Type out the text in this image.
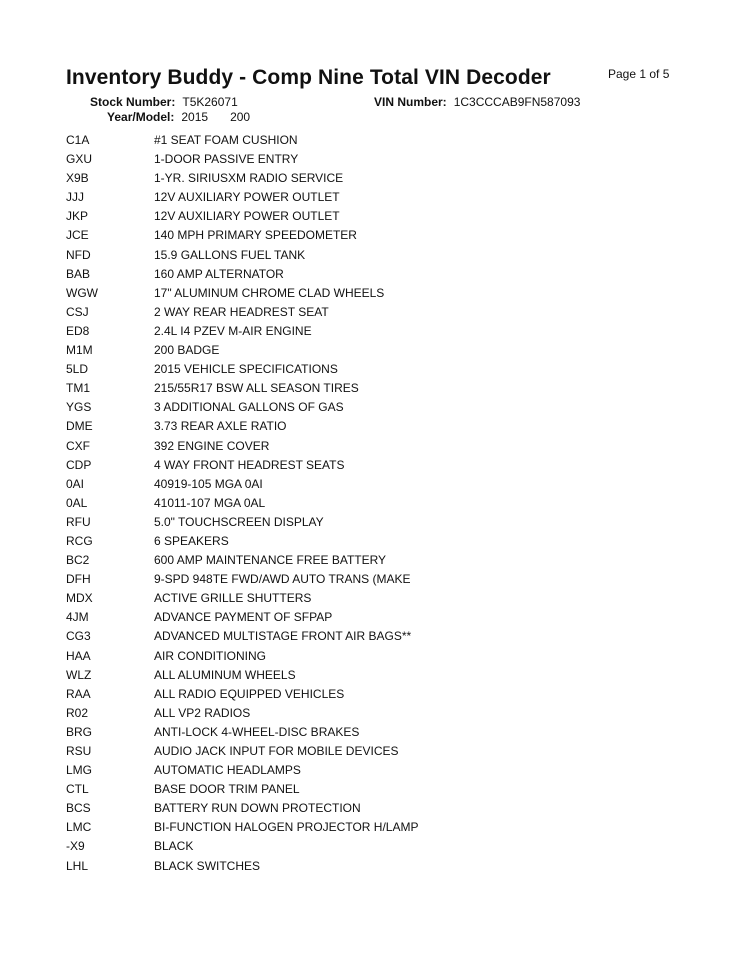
Inventory Buddy - Comp Nine Total VIN Decoder	Page 1 of 5
Stock Number: T5K26071	VIN Number: 1C3CCCAB9FN587093
Year/Model: 2015 200
C1A	#1 SEAT FOAM CUSHION
GXU	1-DOOR PASSIVE ENTRY
X9B	1-YR. SIRIUSXM RADIO SERVICE
JJJ	12V AUXILIARY POWER OUTLET
JKP	12V AUXILIARY POWER OUTLET
JCE	140 MPH PRIMARY SPEEDOMETER
NFD	15.9 GALLONS FUEL TANK
BAB	160 AMP ALTERNATOR
WGW	17" ALUMINUM CHROME CLAD WHEELS
CSJ	2 WAY REAR HEADREST SEAT
ED8	2.4L I4 PZEV M-AIR ENGINE
M1M	200 BADGE
5LD	2015 VEHICLE SPECIFICATIONS
TM1	215/55R17 BSW ALL SEASON TIRES
YGS	3 ADDITIONAL GALLONS OF GAS
DME	3.73 REAR AXLE RATIO
CXF	392 ENGINE COVER
CDP	4 WAY FRONT HEADREST SEATS
0AI	40919-105 MGA 0AI
0AL	41011-107 MGA 0AL
RFU	5.0" TOUCHSCREEN DISPLAY
RCG	6 SPEAKERS
BC2	600 AMP MAINTENANCE FREE BATTERY
DFH	9-SPD 948TE FWD/AWD AUTO TRANS (MAKE
MDX	ACTIVE GRILLE SHUTTERS
4JM	ADVANCE PAYMENT OF SFPAP
CG3	ADVANCED MULTISTAGE FRONT AIR BAGS**
HAA	AIR CONDITIONING
WLZ	ALL ALUMINUM WHEELS
RAA	ALL RADIO EQUIPPED VEHICLES
R02	ALL VP2 RADIOS
BRG	ANTI-LOCK 4-WHEEL-DISC BRAKES
RSU	AUDIO JACK INPUT FOR MOBILE DEVICES
LMG	AUTOMATIC HEADLAMPS
CTL	BASE DOOR TRIM PANEL
BCS	BATTERY RUN DOWN PROTECTION
LMC	BI-FUNCTION HALOGEN PROJECTOR H/LAMP
-X9	BLACK
LHL	BLACK SWITCHES
